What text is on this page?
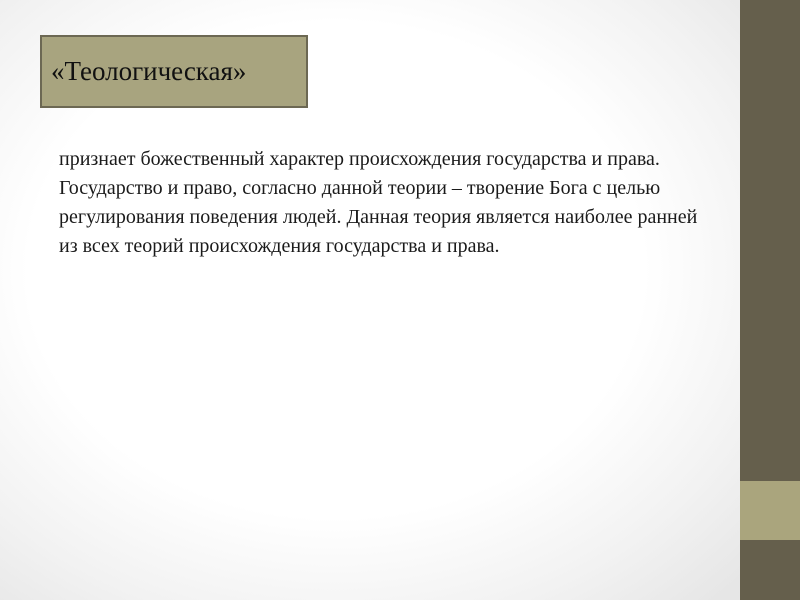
«Теологическая»
признает божественный характер происхождения государства и права. Государство и право, согласно данной теории – творение Бога с целью регулирования поведения людей. Данная теория является наиболее ранней из всех теорий происхождения государства и права.
